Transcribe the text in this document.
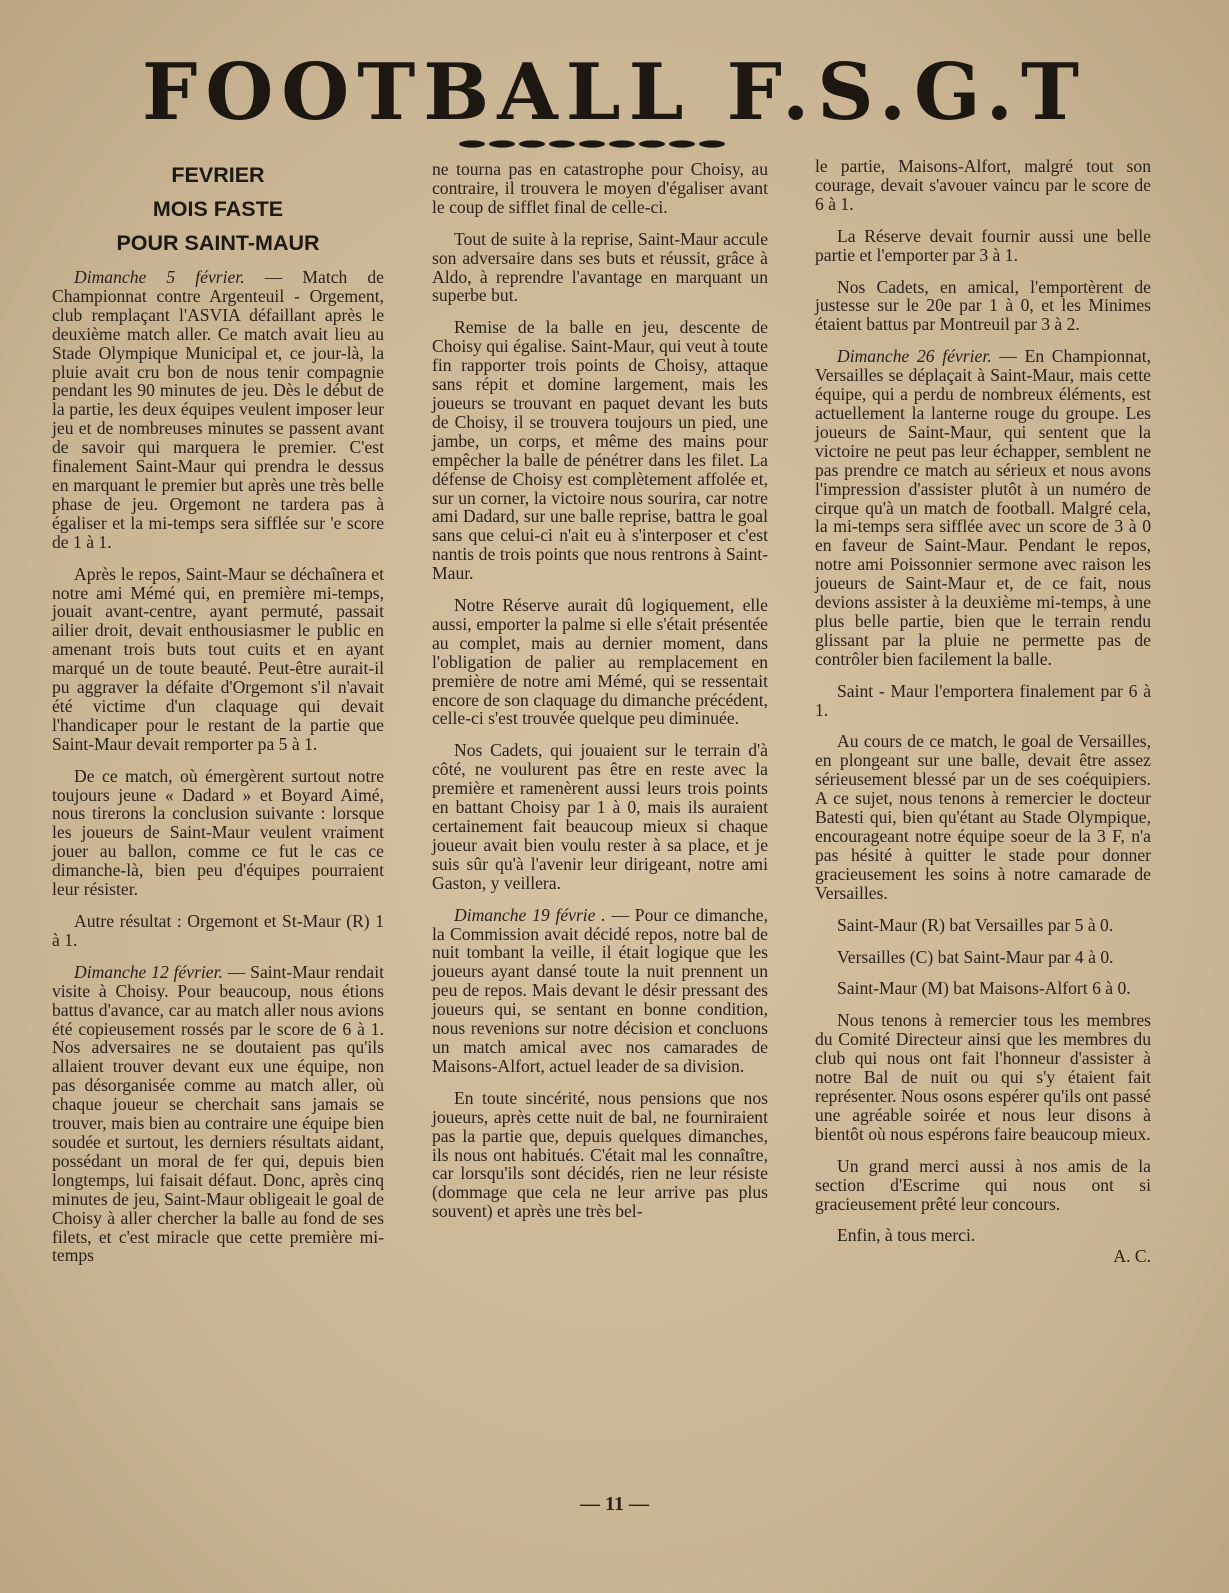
FOOTBALL F.S.G.T
FEVRIER
MOIS FASTE
POUR SAINT-MAUR

Dimanche 5 février. — Match de Championnat contre Argenteuil - Orgement, club remplaçant l'ASVIA défaillant après le deuxième match aller. Ce match avait lieu au Stade Olympique Municipal et, ce jour-là, la pluie avait cru bon de nous tenir compagnie pendant les 90 minutes de jeu. Dès le début de la partie, les deux équipes veulent imposer leur jeu et de nombreuses minutes se passent avant de savoir qui marquera le premier. C'est finalement Saint-Maur qui prendra le dessus en marquant le premier but après une très belle phase de jeu. Orgemont ne tardera pas à égaliser et la mi-temps sera sifflée sur 'e score de 1 à 1.

Après le repos, Saint-Maur se déchaînera et notre ami Mémé qui, en première mi-temps, jouait avant-centre, ayant permuté, passait ailier droit, devait enthousiasmer le public en amenant trois buts tout cuits et en ayant marqué un de toute beauté. Peut-être aurait-il pu aggraver la défaite d'Orgemont s'il n'avait été victime d'un claquage qui devait l'handicaper pour le restant de la partie que Saint-Maur devait remporter pa 5 à 1.

De ce match, où émergèrent surtout notre toujours jeune « Dadard » et Boyard Aimé, nous tirerons la conclusion suivante : lorsque les joueurs de Saint-Maur veulent vraiment jouer au ballon, comme ce fut le cas ce dimanche-là, bien peu d'équipes pourraient leur résister.

Autre résultat : Orgemont et St-Maur (R) 1 à 1.

Dimanche 12 février. — Saint-Maur rendait visite à Choisy. Pour beaucoup, nous étions battus d'avance, car au match aller nous avions été copieusement rossés par le score de 6 à 1. Nos adversaires ne se doutaient pas qu'ils allaient trouver devant eux une équipe, non pas désorganisée comme au match aller, où chaque joueur se cherchait sans jamais se trouver, mais bien au contraire une équipe bien soudée et surtout, les derniers résultats aidant, possédant un moral de fer qui, depuis bien longtemps, lui faisait défaut. Donc, après cinq minutes de jeu, Saint-Maur obligeait le goal de Choisy à aller chercher la balle au fond de ses filets, et c'est miracle que cette première mi-temps

ne tourna pas en catastrophe pour Choisy, au contraire, il trouvera le moyen d'égaliser avant le coup de sifflet final de celle-ci.

Tout de suite à la reprise, Saint-Maur accule son adversaire dans ses buts et réussit, grâce à Aldo, à reprendre l'avantage en marquant un superbe but.

Remise de la balle en jeu, descente de Choisy qui égalise. Saint-Maur, qui veut à toute fin rapporter trois points de Choisy, attaque sans répit et domine largement, mais les joueurs se trouvant en paquet devant les buts de Choisy, il se trouvera toujours un pied, une jambe, un corps, et même des mains pour empêcher la balle de pénétrer dans les filet. La défense de Choisy est complètement affolée et, sur un corner, la victoire nous sourira, car notre ami Dadard, sur une balle reprise, battra le goal sans que celui-ci n'ait eu à s'interposer et c'est nantis de trois points que nous rentrons à Saint-Maur.

Notre Réserve aurait dû logiquement, elle aussi, emporter la palme si elle s'était présentée au complet, mais au dernier moment, dans l'obligation de palier au remplacement en première de notre ami Mémé, qui se ressentait encore de son claquage du dimanche précédent, celle-ci s'est trouvée quelque peu diminuée.

Nos Cadets, qui jouaient sur le terrain d'à côté, ne voulurent pas être en reste avec la première et ramenèrent aussi leurs trois points en battant Choisy par 1 à 0, mais ils auraient certainement fait beaucoup mieux si chaque joueur avait bien voulu rester à sa place, et je suis sûr qu'à l'avenir leur dirigeant, notre ami Gaston, y veillera.

Dimanche 19 févrie . — Pour ce dimanche, la Commission avait décidé repos, notre bal de nuit tombant la veille, il était logique que les joueurs ayant dansé toute la nuit prennent un peu de repos. Mais devant le désir pressant des joueurs qui, se sentant en bonne condition, nous revenions sur notre décision et concluons un match amical avec nos camarades de Maisons-Alfort, actuel leader de sa division.

En toute sincérité, nous pensions que nos joueurs, après cette nuit de bal, ne fourniraient pas la partie que, depuis quelques dimanches, ils nous ont habitués. C'était mal les connaître, car lorsqu'ils sont décidés, rien ne leur résiste (dommage que cela ne leur arrive pas plus souvent) et après une très bel-

le partie, Maisons-Alfort, malgré tout son courage, devait s'avouer vaincu par le score de 6 à 1.

La Réserve devait fournir aussi une belle partie et l'emporter par 3 à 1.

Nos Cadets, en amical, l'emportèrent de justesse sur le 20e par 1 à 0, et les Minimes étaient battus par Montreuil par 3 à 2.

Dimanche 26 février. — En Championnat, Versailles se déplaçait à Saint-Maur, mais cette équipe, qui a perdu de nombreux éléments, est actuellement la lanterne rouge du groupe. Les joueurs de Saint-Maur, qui sentent que la victoire ne peut pas leur échapper, semblent ne pas prendre ce match au sérieux et nous avons l'impression d'assister plutôt à un numéro de cirque qu'à un match de football. Malgré cela, la mi-temps sera sifflée avec un score de 3 à 0 en faveur de Saint-Maur. Pendant le repos, notre ami Poissonnier sermone avec raison les joueurs de Saint-Maur et, de ce fait, nous devions assister à la deuxième mi-temps, à une plus belle partie, bien que le terrain rendu glissant par la pluie ne permette pas de contrôler bien facilement la balle.

Saint - Maur l'emportera finalement par 6 à 1.

Au cours de ce match, le goal de Versailles, en plongeant sur une balle, devait être assez sérieusement blessé par un de ses coéquipiers. A ce sujet, nous tenons à remercier le docteur Batesti qui, bien qu'étant au Stade Olympique, encourageant notre équipe soeur de la 3 F, n'a pas hésité à quitter le stade pour donner gracieusement les soins à notre camarade de Versailles.

Saint-Maur (R) bat Versailles par 5 à 0.

Versailles (C) bat Saint-Maur par 4 à 0.

Saint-Maur (M) bat Maisons-Alfort 6 à 0.

Nous tenons à remercier tous les membres du Comité Directeur ainsi que les membres du club qui nous ont fait l'honneur d'assister à notre Bal de nuit ou qui s'y étaient fait représenter. Nous osons espérer qu'ils ont passé une agréable soirée et nous leur disons à bientôt où nous espérons faire beaucoup mieux.

Un grand merci aussi à nos amis de la section d'Escrime qui nous ont si gracieusement prêté leur concours.

Enfin, à tous merci.

A. C.

— 11 —
